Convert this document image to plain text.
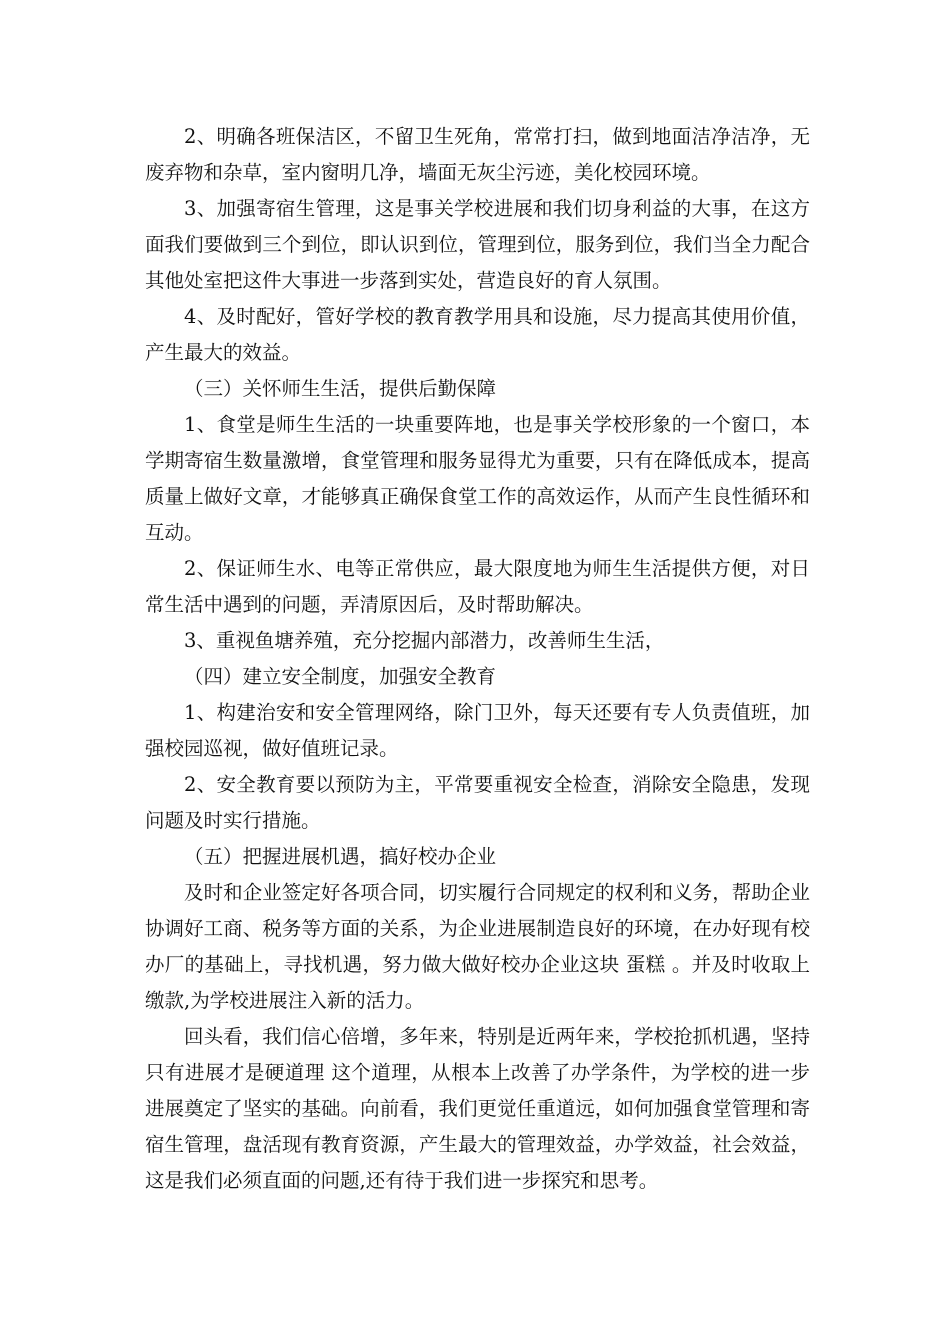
2、明确各班保洁区，不留卫生死角，常常打扫，做到地面洁净洁净，无废弃物和杂草，室内窗明几净，墙面无灰尘污迹，美化校园环境。

3、加强寄宿生管理，这是事关学校进展和我们切身利益的大事，在这方面我们要做到三个到位，即认识到位，管理到位，服务到位，我们当全力配合其他处室把这件大事进一步落到实处，营造良好的育人氛围。

4、及时配好，管好学校的教育教学用具和设施，尽力提高其使用价值，产生最大的效益。

（三）关怀师生生活，提供后勤保障

1、食堂是师生生活的一块重要阵地，也是事关学校形象的一个窗口，本学期寄宿生数量激增，食堂管理和服务显得尤为重要，只有在降低成本，提高质量上做好文章，才能够真正确保食堂工作的高效运作，从而产生良性循环和互动。

2、保证师生水、电等正常供应，最大限度地为师生生活提供方便，对日常生活中遇到的问题，弄清原因后，及时帮助解决。

3、重视鱼塘养殖，充分挖掘内部潜力，改善师生生活，

（四）建立安全制度，加强安全教育

1、构建治安和安全管理网络，除门卫外，每天还要有专人负责值班，加强校园巡视，做好值班记录。

2、安全教育要以预防为主，平常要重视安全检查，消除安全隐患，发现问题及时实行措施。

（五）把握进展机遇，搞好校办企业

及时和企业签定好各项合同，切实履行合同规定的权利和义务，帮助企业协调好工商、税务等方面的关系，为企业进展制造良好的环境，在办好现有校办厂的基础上，寻找机遇，努力做大做好校办企业这块 蛋糕 。并及时收取上缴款,为学校进展注入新的活力。

回头看，我们信心倍增，多年来，特别是近两年来，学校抢抓机遇，坚持只有进展才是硬道理 这个道理，从根本上改善了办学条件，为学校的进一步进展奠定了坚实的基础。向前看，我们更觉任重道远，如何加强食堂管理和寄宿生管理，盘活现有教育资源，产生最大的管理效益，办学效益，社会效益，这是我们必须直面的问题,还有待于我们进一步探究和思考。
